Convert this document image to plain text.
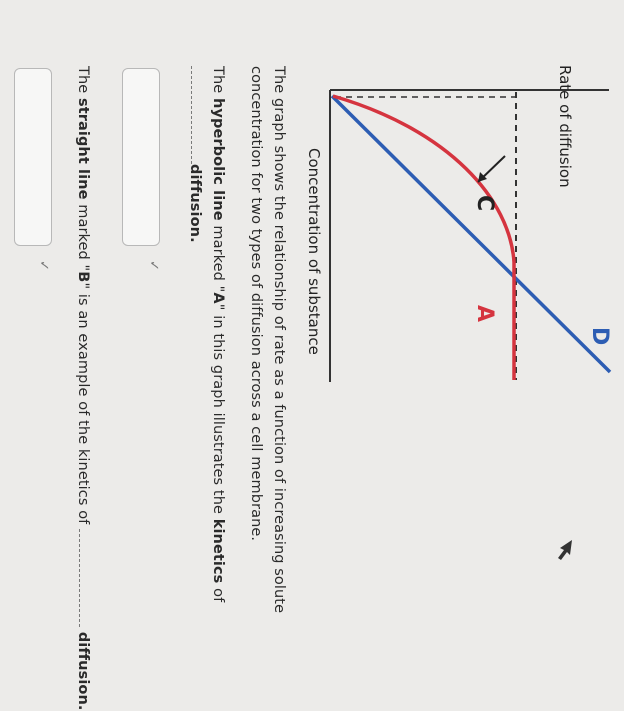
Rate of diffusion
Concentration of substance	C
A
D
The graph shows the relationship of rate as a function of increasing solute
concentration for two types of diffusion across a cell membrane.
The hyperbolic line marked "A" in this graph illustrates the kinetics of
diffusion.
✓
The straight line marked "B" is an example of the kinetics of  diffusion.
✓
